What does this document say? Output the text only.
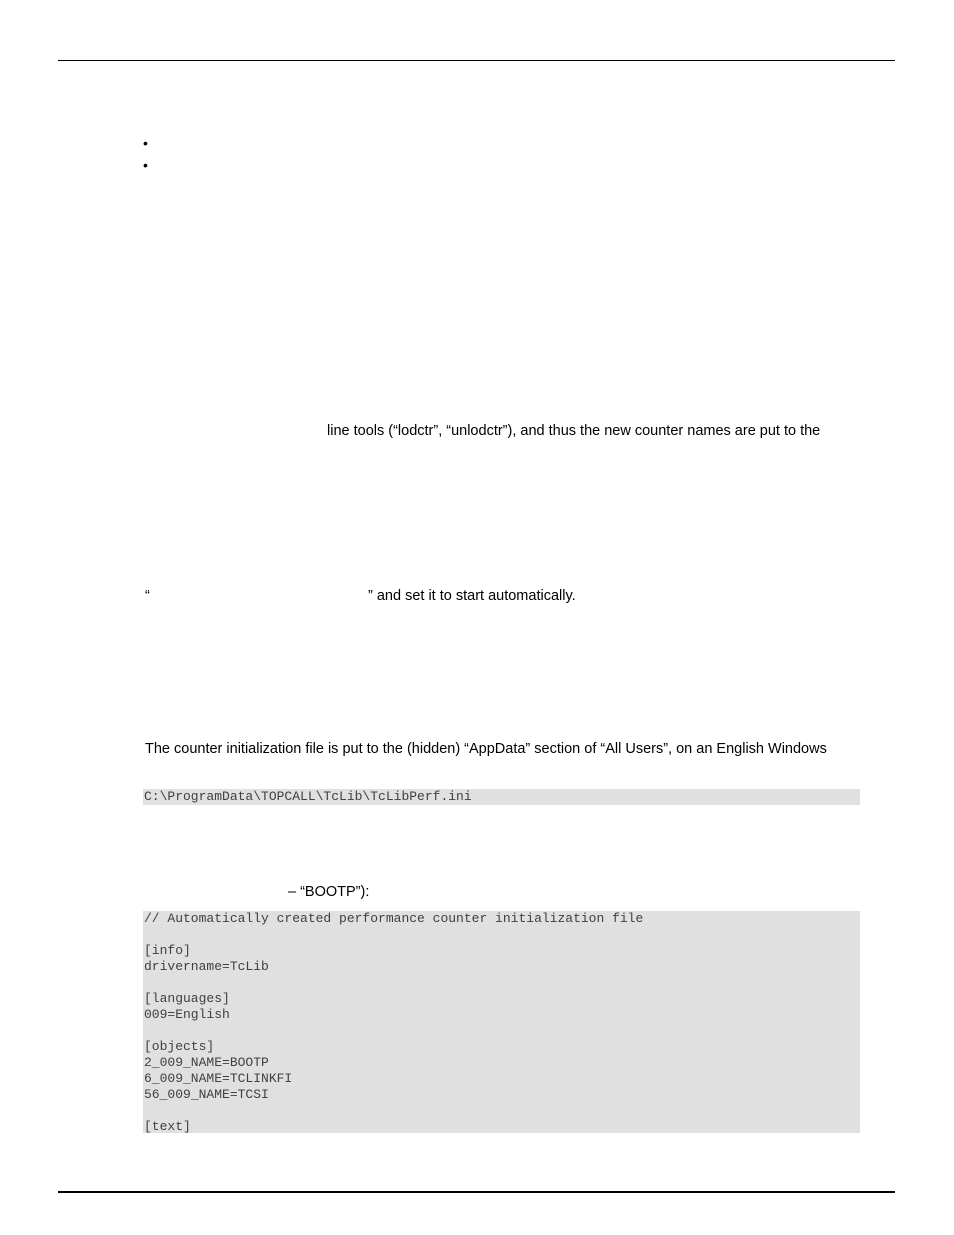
•
•
line tools (“lodctr”, “unlodctr”), and thus the new counter names are put to the
“	” and set it to start automatically.
The counter initialization file is put to the (hidden) “AppData” section of “All Users”, on an English Windows
C:\ProgramData\TOPCALL\TcLib\TcLibPerf.ini
– “BOOTP”):
// Automatically created performance counter initialization file
[info]
drivername=TcLib
[languages]
009=English
[objects]
2_009_NAME=BOOTP
6_009_NAME=TCLINKFI
56_009_NAME=TCSI
[text]
